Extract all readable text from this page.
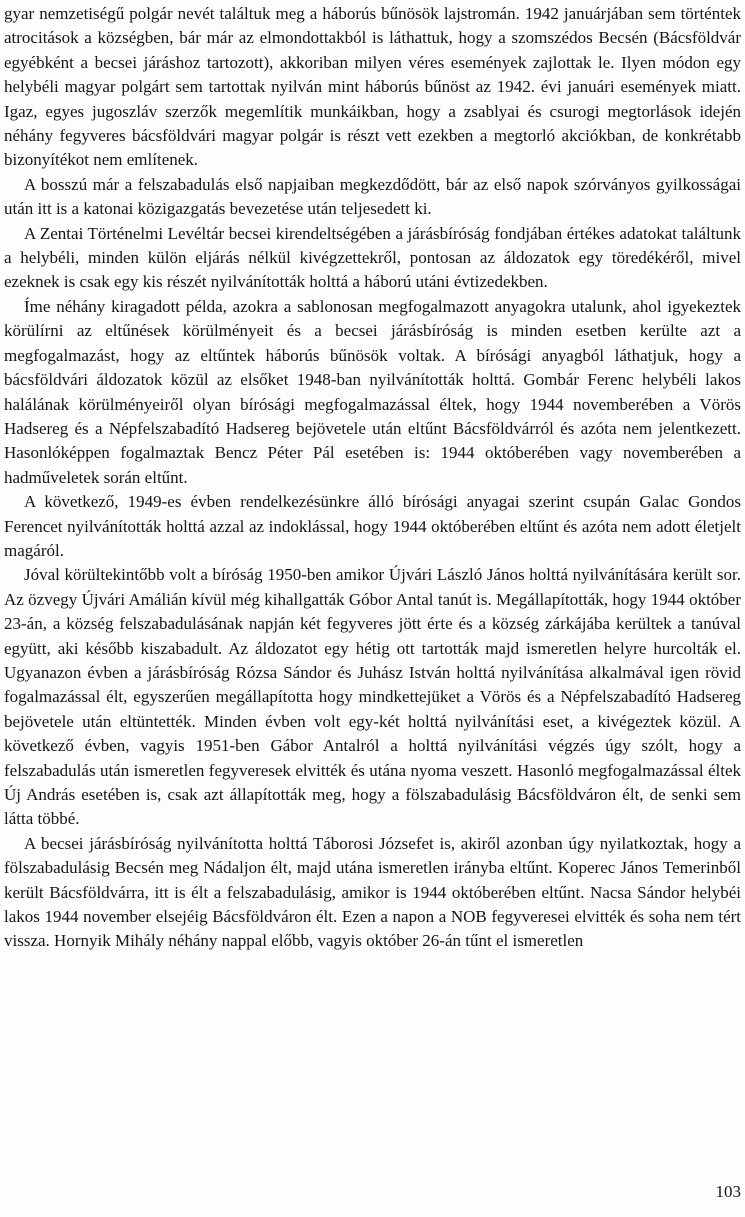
gyar nemzetiségű polgár nevét találtuk meg a háborús bűnösök lajstromán. 1942 januárjában sem történtek atrocitások a községben, bár már az elmondottakból is láthattuk, hogy a szomszédos Becsén (Bácsföldvár egyébként a becsei járáshoz tartozott), akkoriban milyen véres események zajlottak le. Ilyen módon egy helybéli magyar polgárt sem tartottak nyilván mint háborús bűnöst az 1942. évi januári események miatt. Igaz, egyes jugoszláv szerzők megemlítik munkáikban, hogy a zsablyai és csurogi megtorlások idején néhány fegyveres bácsföldvári magyar polgár is részt vett ezekben a megtorló akciókban, de konkrétabb bizonyítékot nem említenek.

A bosszú már a felszabadulás első napjaiban megkezdődött, bár az első napok szórványos gyilkosságai után itt is a katonai közigazgatás bevezetése után teljesedett ki.

A Zentai Történelmi Levéltár becsei kirendeltségében a járásbíróság fondjában értékes adatokat találtunk a helybéli, minden külön eljárás nélkül kivégzettekről, pontosan az áldozatok egy töredékéről, mivel ezeknek is csak egy kis részét nyilvánították holttá a háború utáni évtizedekben.

Íme néhány kiragadott példa, azokra a sablonosan megfogalmazott anyagokra utalunk, ahol igyekeztek körülírni az eltűnések körülményeit és a becsei járásbíróság is minden esetben kerülte azt a megfogalmazást, hogy az eltűntek háborús bűnösök voltak. A bírósági anyagból láthatjuk, hogy a bácsföldvári áldozatok közül az elsőket 1948-ban nyilvánították holttá. Gombár Ferenc helybéli lakos halálának körülményeiről olyan bírósági megfogalmazással éltek, hogy 1944 novemberében a Vörös Hadsereg és a Népfelszabadító Hadsereg bejövetele után eltűnt Bácsföldvárról és azóta nem jelentkezett. Hasonlóképpen fogalmaztak Bencz Péter Pál esetében is: 1944 októberében vagy novemberében a hadműveletek során eltűnt.

A következő, 1949-es évben rendelkezésünkre álló bírósági anyagai szerint csupán Galac Gondos Ferencet nyilvánították holttá azzal az indoklással, hogy 1944 októberében eltűnt és azóta nem adott életjelt magáról.

Jóval körültekintőbb volt a bíróság 1950-ben amikor Újvári László János holttá nyilvánítására került sor. Az özvegy Újvári Amálián kívül még kihallgatták Góbor Antal tanút is. Megállapították, hogy 1944 október 23-án, a község felszabadulásának napján két fegyveres jött érte és a község zárkájába kerültek a tanúval együtt, aki később kiszabadult. Az áldozatot egy hétig ott tartották majd ismeretlen helyre hurcolták el. Ugyanazon évben a járásbíróság Rózsa Sándor és Juhász István holttá nyilvánítása alkalmával igen rövid fogalmazással élt, egyszerűen megállapította hogy mindkettejüket a Vörös és a Népfelszabadító Hadsereg bejövetele után eltüntették. Minden évben volt egy-két holttá nyilvánítási eset, a kivégeztek közül. A következő évben, vagyis 1951-ben Gábor Antalról a holttá nyilvánítási végzés úgy szólt, hogy a felszabadulás után ismeretlen fegyveresek elvitték és utána nyoma veszett. Hasonló megfogalmazással éltek Új András esetében is, csak azt állapították meg, hogy a fölszabadulásig Bácsföldváron élt, de senki sem látta többé.

A becsei járásbíróság nyilvánította holttá Táborosi Józsefet is, akiről azonban úgy nyilatkoztak, hogy a fölszabadulásig Becsén meg Nádaljon élt, majd utána ismeretlen irányba eltűnt. Koperec János Temerinből került Bácsföldvárra, itt is élt a felszabadulásig, amikor is 1944 októberében eltűnt. Nacsa Sándor helybéi lakos 1944 november elsejéig Bácsföldváron élt. Ezen a napon a NOB fegyveresei elvitték és soha nem tért vissza. Hornyik Mihály néhány nappal előbb, vagyis október 26-án tűnt el ismeretlen

103
